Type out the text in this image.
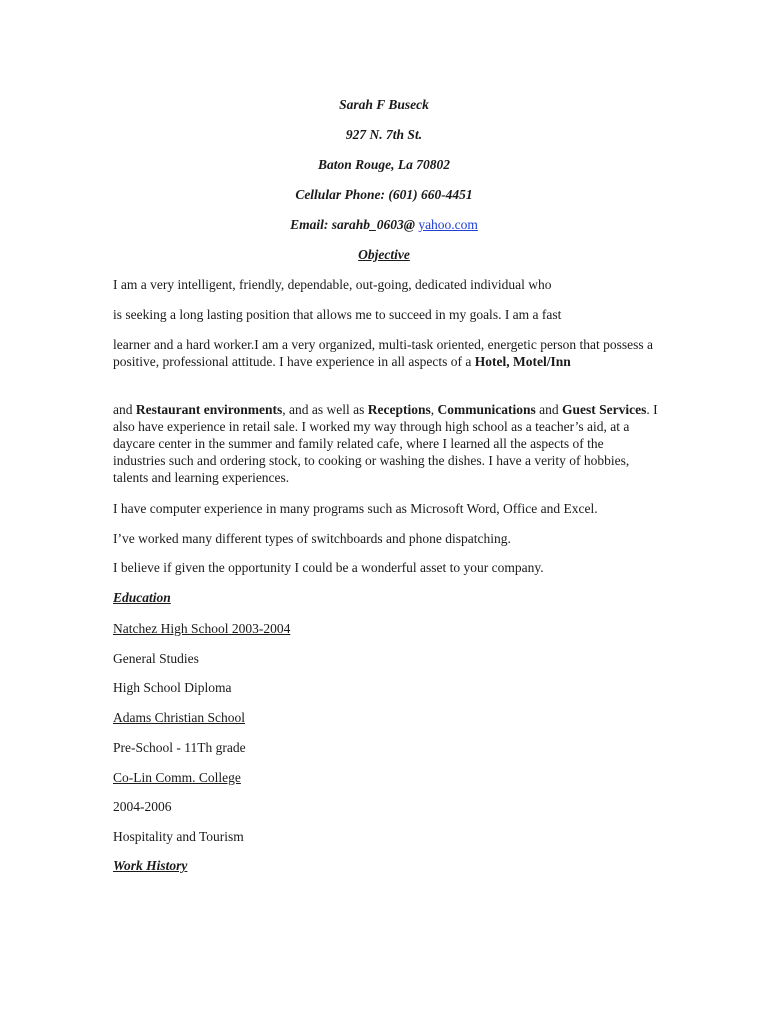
Sarah F Buseck
927 N. 7th St.
Baton Rouge, La 70802
Cellular Phone: (601) 660-4451
Email: sarahb_0603@ yahoo.com
Objective
I am a very intelligent, friendly, dependable, out-going, dedicated individual who
is seeking a long lasting position that allows me to succeed in my goals. I am a fast
learner and a hard worker.I am a very organized, multi-task oriented, energetic person that possess a positive, professional attitude. I have experience in all aspects of a Hotel, Motel/Inn
and Restaurant environments, and as well as Receptions, Communications and Guest Services. I also have experience in retail sale. I worked my way through high school as a teacher’s aid, at a daycare center in the summer and family related cafe, where I learned all the aspects of the industries such and ordering stock, to cooking or washing the dishes. I have a verity of hobbies, talents and learning experiences.
I have computer experience in many programs such as Microsoft Word, Office and Excel.
I’ve worked many different types of switchboards and phone dispatching.
I believe if given the opportunity I could be a wonderful asset to your company.
Education
Natchez High School 2003-2004
General Studies
High School Diploma
Adams Christian School
Pre-School - 11Th grade
Co-Lin Comm. College
2004-2006
Hospitality and Tourism
Work History
